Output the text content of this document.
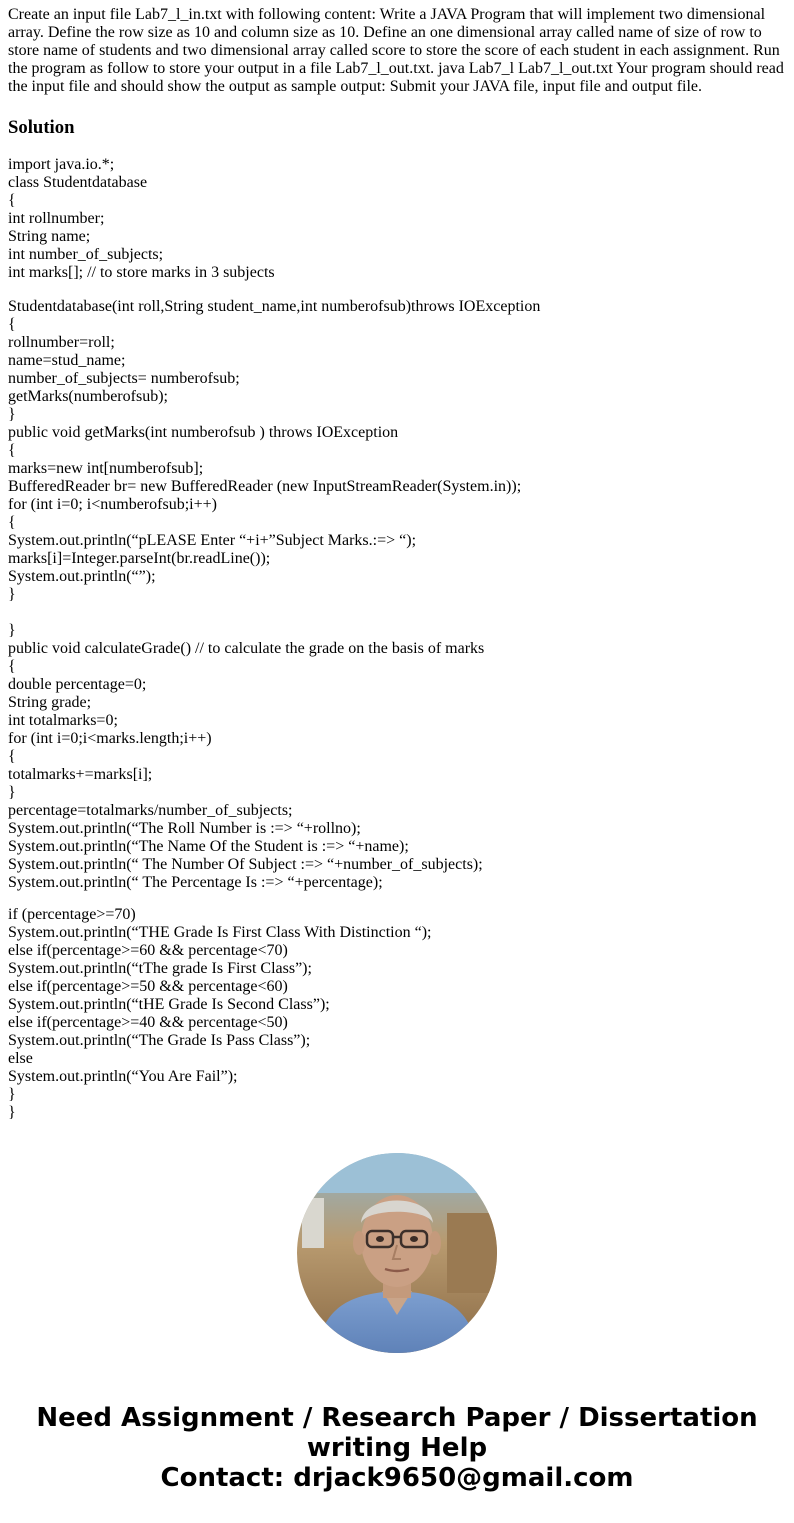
Create an input file Lab7_l_in.txt with following content: Write a JAVA Program that will implement two dimensional array. Define the row size as 10 and column size as 10. Define an one dimensional array called name of size of row to store name of students and two dimensional array called score to store the score of each student in each assignment. Run the program as follow to store your output in a file Lab7_l_out.txt. java Lab7_l Lab7_l_out.txt Your program should read the input file and should show the output as sample output: Submit your JAVA file, input file and output file.

Solution
import java.io.*;
class Studentdatabase
{
int rollnumber;
String name;
int number_of_subjects;
int marks[]; // to store marks in 3 subjects
Studentdatabase(int roll,String student_name,int numberofsub)throws IOException
{
rollnumber=roll;
name=stud_name;
number_of_subjects= numberofsub;
getMarks(numberofsub);
}
public void getMarks(int numberofsub ) throws IOException
{
marks=new int[numberofsub];
BufferedReader br= new BufferedReader (new InputStreamReader(System.in));
for (int i=0; i<numberofsub;i++)
{
System.out.println(“pLEASE Enter “+i+”Subject Marks.:=> “);
marks[i]=Integer.parseInt(br.readLine());
System.out.println(“”);
}
}
public void calculateGrade() // to calculate the grade on the basis of marks
{
double percentage=0;
String grade;
int totalmarks=0;
for (int i=0;i<marks.length;i++)
{
totalmarks+=marks[i];
}
percentage=totalmarks/number_of_subjects;
System.out.println(“The Roll Number is :=> “+rollno);
System.out.println(“The Name Of the Student is :=> “+name);
System.out.println(“ The Number Of Subject :=> “+number_of_subjects);
System.out.println(“ The Percentage Is :=> “+percentage);
if (percentage>=70)
System.out.println(“THE Grade Is First Class With Distinction “);
else if(percentage>=60 && percentage<70)
System.out.println(“tThe grade Is First Class”);
else if(percentage>=50 && percentage<60)
System.out.println(“tHE Grade Is Second Class”);
else if(percentage>=40 && percentage<50)
System.out.println(“The Grade Is Pass Class”);
else
System.out.println(“You Are Fail”);
}
}
Need Assignment / Research Paper / Dissertation
writing Help
Contact: drjack9650@gmail.com
